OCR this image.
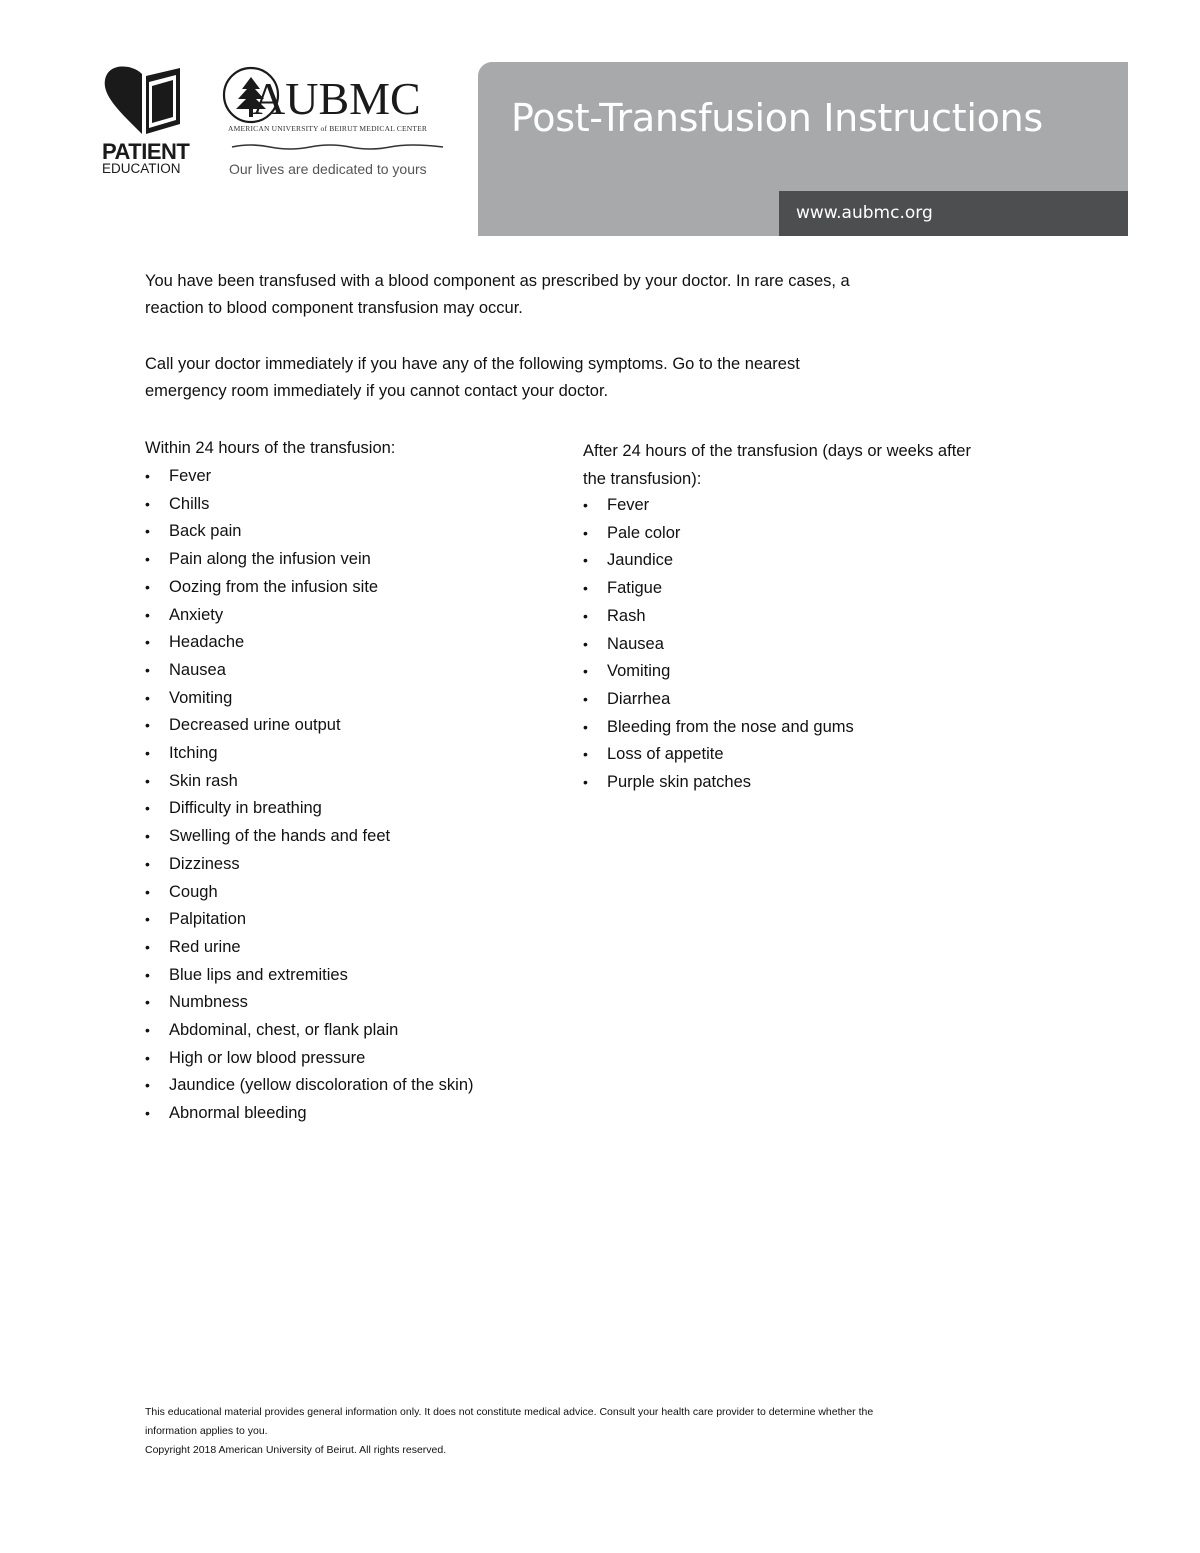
PATIENT
EDUCATION
AUBMC
AMERICAN UNIVERSITY of BEIRUT MEDICAL CENTER
Our lives are dedicated to yours
Post-Transfusion Instructions
www.aubmc.org
You have been transfused with a blood component as prescribed by your doctor. In rare cases, a
reaction to blood component transfusion may occur.
Call your doctor immediately if you have any of the following symptoms. Go to the nearest
emergency room immediately if you cannot contact your doctor.
Within 24 hours of the transfusion:
• Fever
• Chills
• Back pain
• Pain along the infusion vein
• Oozing from the infusion site
• Anxiety
• Headache
• Nausea
• Vomiting
• Decreased urine output
• Itching
• Skin rash
• Difficulty in breathing
• Swelling of the hands and feet
• Dizziness
• Cough
• Palpitation
• Red urine
• Blue lips and extremities
• Numbness
• Abdominal, chest, or flank plain
• High or low blood pressure
• Jaundice (yellow discoloration of the skin)
• Abnormal bleeding
After 24 hours of the transfusion (days or weeks after
the transfusion):
• Fever
• Pale color
• Jaundice
• Fatigue
• Rash
• Nausea
• Vomiting
• Diarrhea
• Bleeding from the nose and gums
• Loss of appetite
• Purple skin patches
This educational material provides general information only. It does not constitute medical advice. Consult your health care provider to determine whether the
information applies to you.
Copyright 2018 American University of Beirut. All rights reserved.
